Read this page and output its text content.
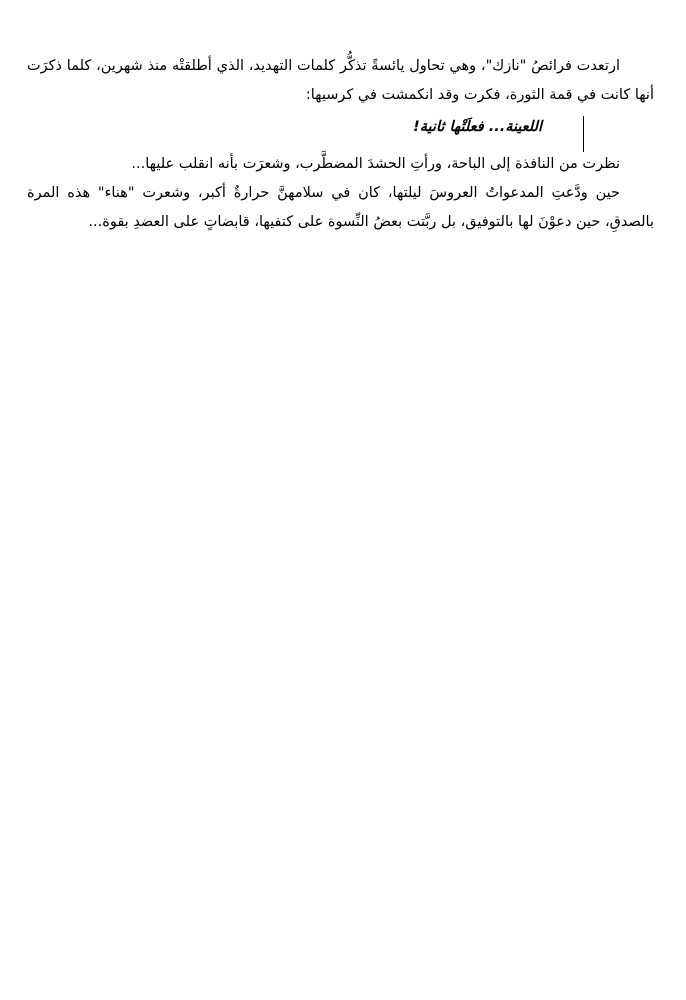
ارتعدت فرائصُ "نازك"، وهي تحاول يائسةً تذكُّر كلمات التهديد، الذي أطلقتْه منذ شهرين، كلما ذكرَت أنها كانت في قمة الثورة، فكرت وقد انكمشت في كرسيها:

اللعينة... فعلَتْها ثانية!

نظرت من النافذة إلى الباحة، ورأتِ الحشدَ المضطَّرب، وشعرَت بأنه انقلب عليها...

حين ودَّعتِ المدعواتُ العروسَ ليلتها، كان في سلامهنَّ حرارةٌ أكبر، وشعرت "هناء" هذه المرة بالصدقِ، حين دعوْنَ لها بالتوفيق، بل ربَّتت بعضُ النِّسوة على كتفيها، قابضاتٍ على العضدِ بقوة...
